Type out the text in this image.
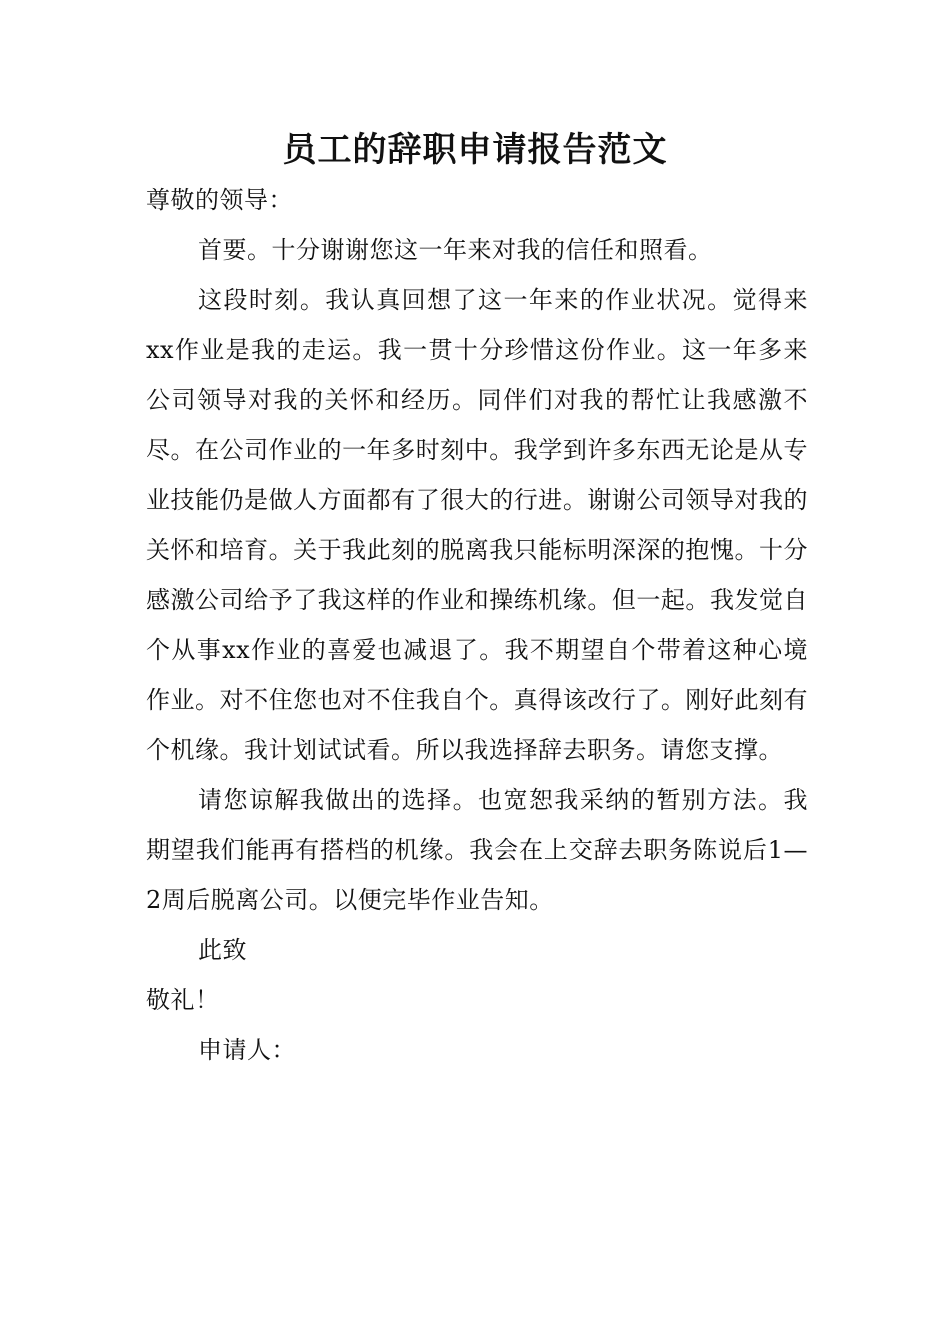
员工的辞职申请报告范文

尊敬的领导：

首要。十分谢谢您这一年来对我的信任和照看。

这段时刻。我认真回想了这一年来的作业状况。觉得来xx作业是我的走运。我一贯十分珍惜这份作业。这一年多来公司领导对我的关怀和经历。同伴们对我的帮忙让我感激不尽。在公司作业的一年多时刻中。我学到许多东西无论是从专业技能仍是做人方面都有了很大的行进。谢谢公司领导对我的关怀和培育。关于我此刻的脱离我只能标明深深的抱愧。十分感激公司给予了我这样的作业和操练机缘。但一起。我发觉自个从事xx作业的喜爱也减退了。我不期望自个带着这种心境作业。对不住您也对不住我自个。真得该改行了。刚好此刻有个机缘。我计划试试看。所以我选择辞去职务。请您支撑。

请您谅解我做出的选择。也宽恕我采纳的暂别方法。我期望我们能再有搭档的机缘。我会在上交辞去职务陈说后1—2周后脱离公司。以便完毕作业告知。

此致

敬礼！

申请人：
